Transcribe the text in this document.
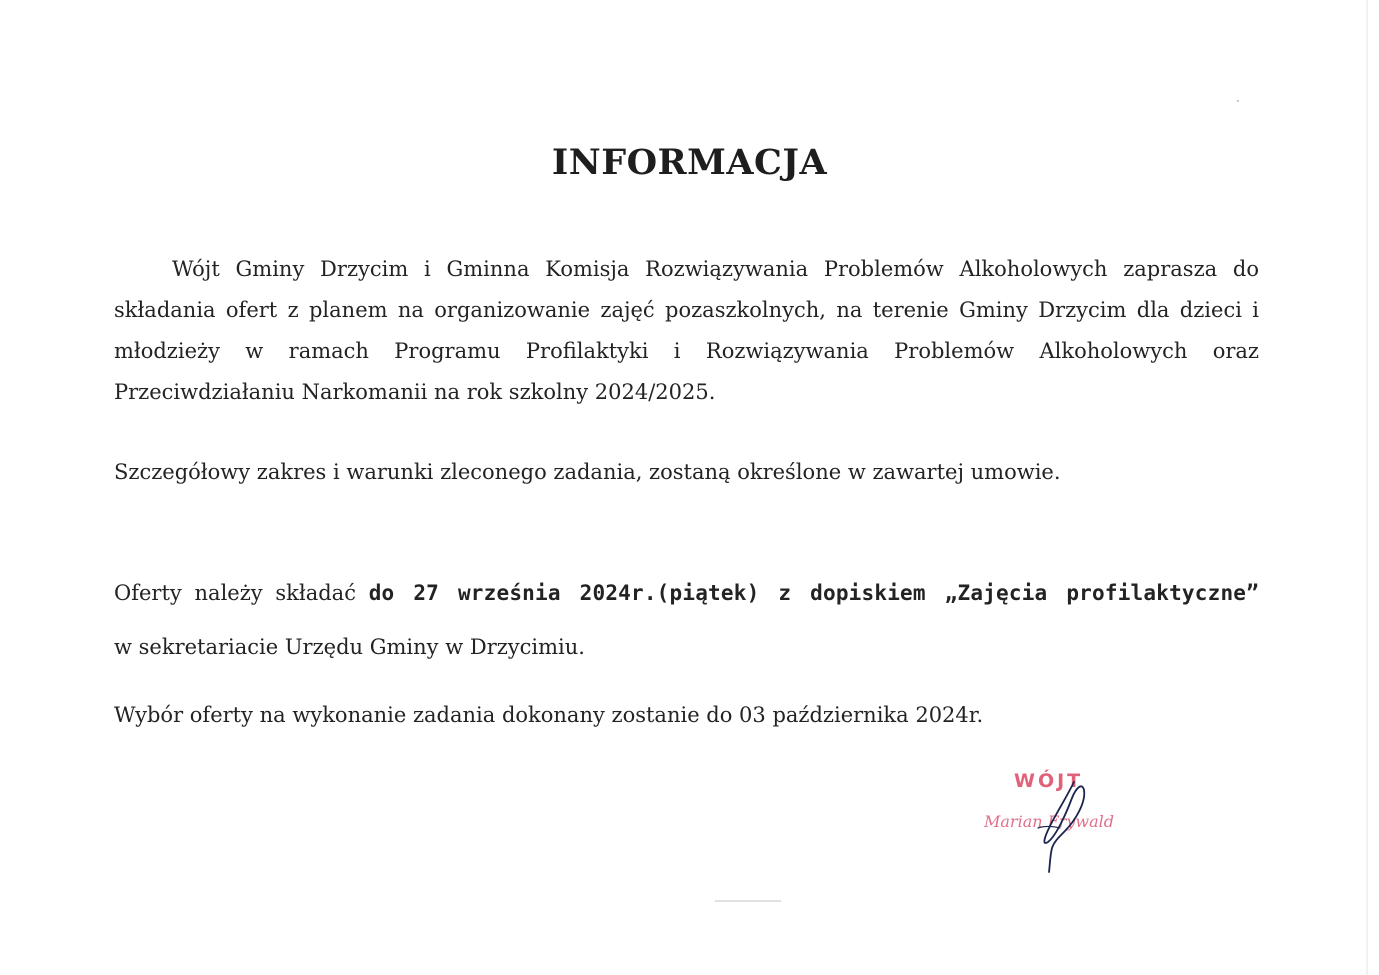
INFORMACJA

Wójt Gminy Drzycim i Gminna Komisja Rozwiązywania Problemów Alkoholowych zaprasza do składania ofert z planem na organizowanie zajęć pozaszkolnych, na terenie Gminy Drzycim dla dzieci i młodzieży w ramach Programu Profilaktyki i Rozwiązywania Problemów Alkoholowych oraz Przeciwdziałaniu Narkomanii na rok szkolny 2024/2025.

Szczegółowy zakres i warunki zleconego zadania, zostaną określone w zawartej umowie.

Oferty należy składać do 27 września 2024r.(piątek) z dopiskiem „Zajęcia profilaktyczne”

w sekretariacie Urzędu Gminy w Drzycimiu.

Wybór oferty na wykonanie zadania dokonany zostanie do 03 października 2024r.

WÓJT
Marian Frywald
